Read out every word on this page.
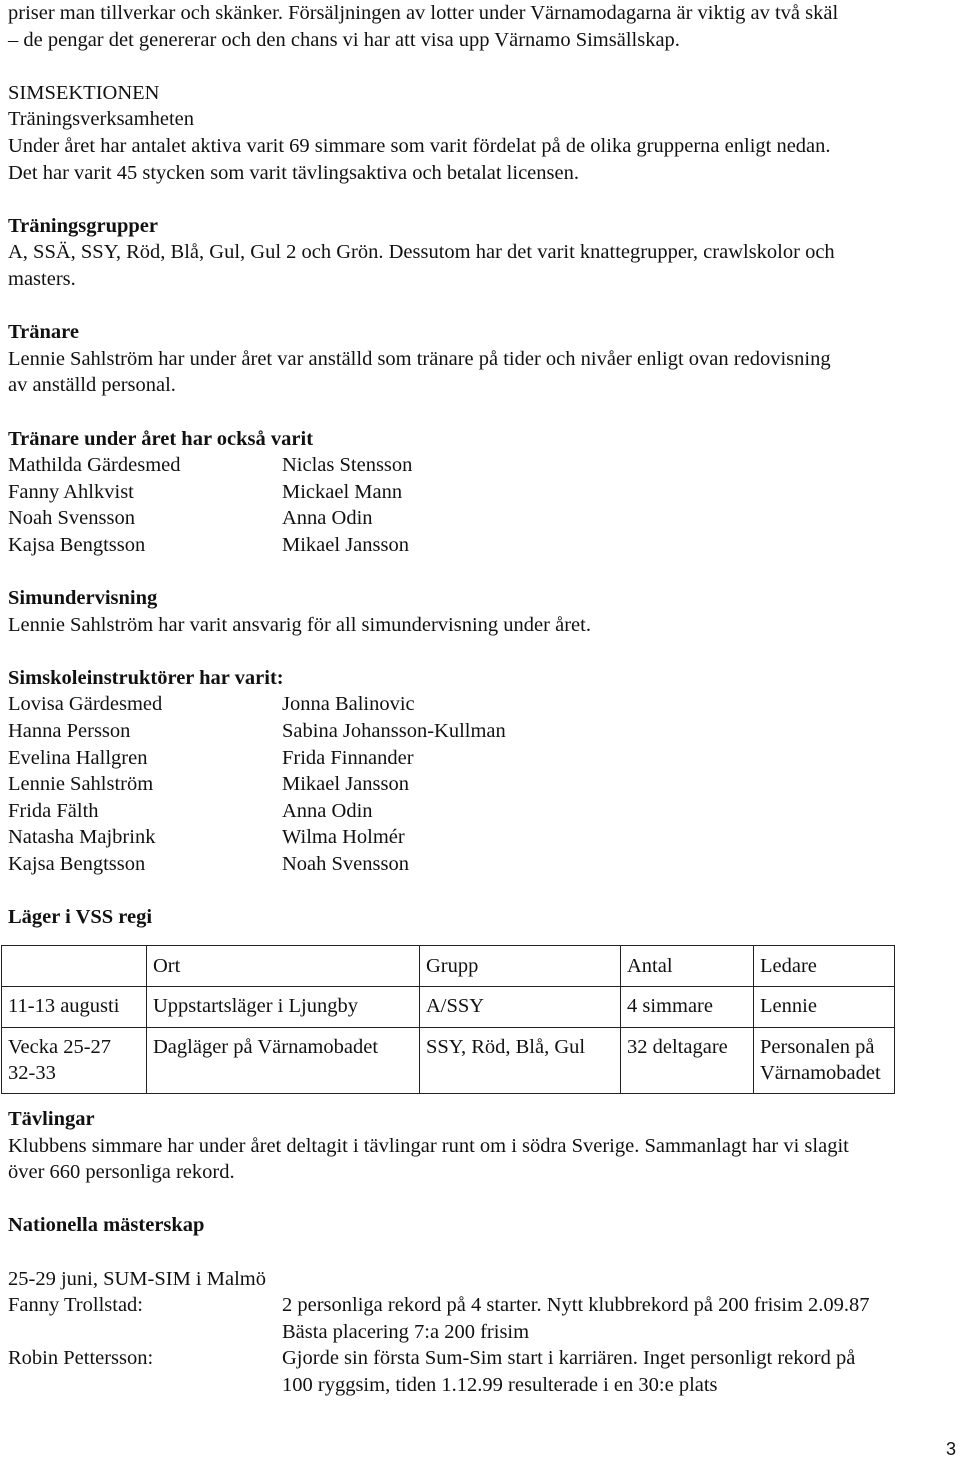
priser man tillverkar och skänker. Försäljningen av lotter under Värnamodagarna är viktig av två skäl

– de pengar det genererar och den chans vi har att visa upp Värnamo Simsällskap.

SIMSEKTIONEN

Träningsverksamheten

Under året har antalet aktiva varit 69 simmare som varit fördelat på de olika grupperna enligt nedan.

Det har varit 45 stycken som varit tävlingsaktiva och betalat licensen.

Träningsgrupper

A, SSÄ, SSY, Röd, Blå, Gul, Gul 2 och Grön. Dessutom har det varit knattegrupper, crawlskolor och

masters.

Tränare

Lennie Sahlström har under året var anställd som tränare på tider och nivåer enligt ovan redovisning

av anställd personal.

Tränare under året har också varit

Mathilda Gärdesmed	Niclas Stensson
Fanny Ahlkvist	Mickael Mann
Noah Svensson	Anna Odin
Kajsa Bengtsson	Mikael Jansson

Simundervisning

Lennie Sahlström har varit ansvarig för all simundervisning under året.

Simskoleinstruktörer har varit:

Lovisa Gärdesmed	Jonna Balinovic
Hanna Persson	Sabina Johansson-Kullman
Evelina Hallgren	Frida Finnander
Lennie Sahlström	Mikael Jansson
Frida Fälth	Anna Odin
Natasha Majbrink	Wilma Holmér
Kajsa Bengtsson	Noah Svensson

Läger i VSS regi

	Ort	Grupp	Antal	Ledare
11-13 augusti	Uppstartsläger i Ljungby	A/SSY	4 simmare	Lennie
Vecka 25-27
32-33	Dagläger på Värnamobadet	SSY, Röd, Blå, Gul	32 deltagare	Personalen på
Värnamobadet

Tävlingar

Klubbens simmare har under året deltagit i tävlingar runt om i södra Sverige. Sammanlagt har vi slagit

över 660 personliga rekord.

Nationella mästerskap

25-29 juni, SUM-SIM i Malmö

Fanny Trollstad:	2 personliga rekord på 4 starter. Nytt klubbrekord på 200 frisim 2.09.87
Bästa placering 7:a 200 frisim
Robin Pettersson:	Gjorde sin första Sum-Sim start i karriären. Inget personligt rekord på
100 ryggsim, tiden 1.12.99 resulterade i en 30:e plats
3
